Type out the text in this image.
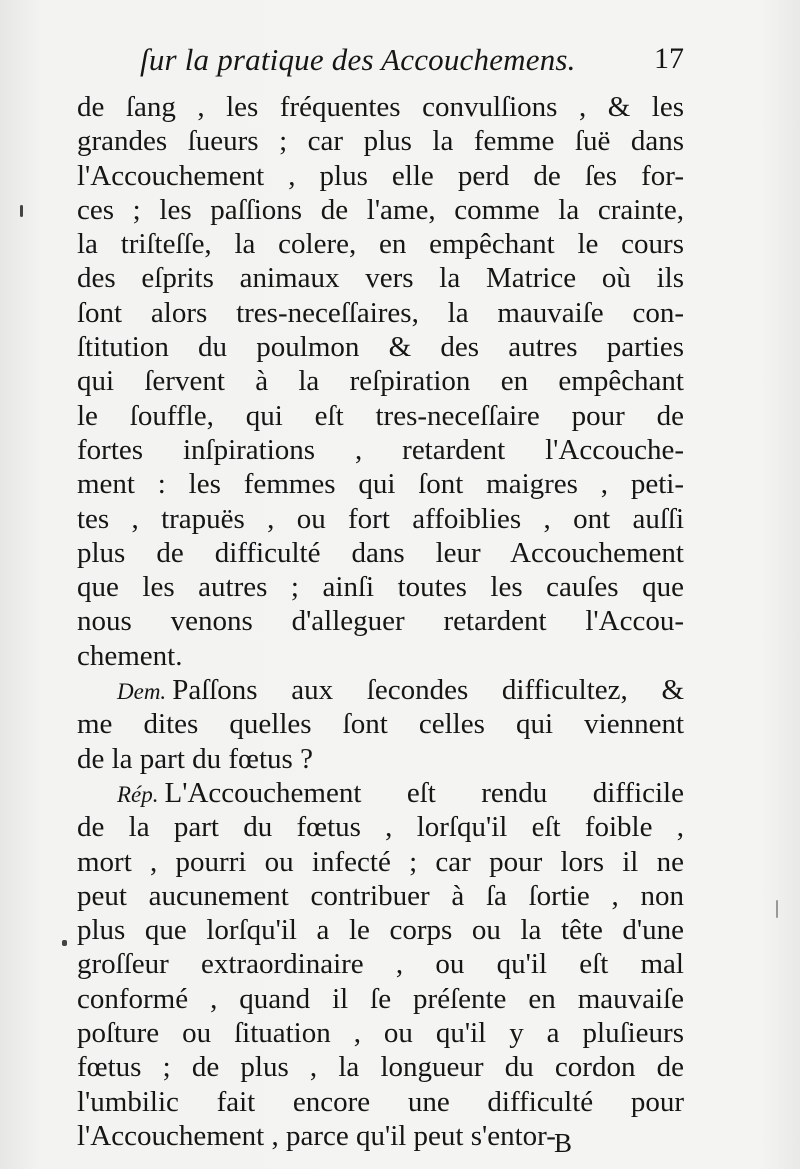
ſur la pratique des Accouchemens.	17
de ſang , les fréquentes convulſions , & les
grandes ſueurs ; car plus la femme ſuë dans
l'Accouchement , plus elle perd de ſes for-
ces ; les paſſions de l'ame, comme la crainte,
la triſteſſe, la colere, en empêchant le cours
des eſprits animaux vers la Matrice où ils
ſont alors tres-neceſſaires, la mauvaiſe con-
ſtitution du poulmon & des autres parties
qui ſervent à la reſpiration en empêchant
le ſouffle, qui eſt tres-neceſſaire pour de
fortes inſpirations , retardent l'Accouche-
ment : les femmes qui ſont maigres , peti-
tes , trapuës , ou fort affoiblies , ont auſſi
plus de difficulté dans leur Accouchement
que les autres ; ainſi toutes les cauſes que
nous venons d'alleguer retardent l'Accou-
chement.
Dem. Paſſons aux ſecondes difficultez, &
me dites quelles ſont celles qui viennent
de la part du fœtus ?
Rép. L'Accouchement eſt rendu difficile
de la part du fœtus , lorſqu'il eſt foible ,
mort , pourri ou infecté ; car pour lors il ne
peut aucunement contribuer à ſa ſortie , non
plus que lorſqu'il a le corps ou la tête d'une
groſſeur extraordinaire , ou qu'il eſt mal
conformé , quand il ſe préſente en mauvaiſe
poſture ou ſituation , ou qu'il y a pluſieurs
fœtus ; de plus , la longueur du cordon de
l'umbilic fait encore une difficulté pour
l'Accouchement , parce qu'il peut s'entor-
B
